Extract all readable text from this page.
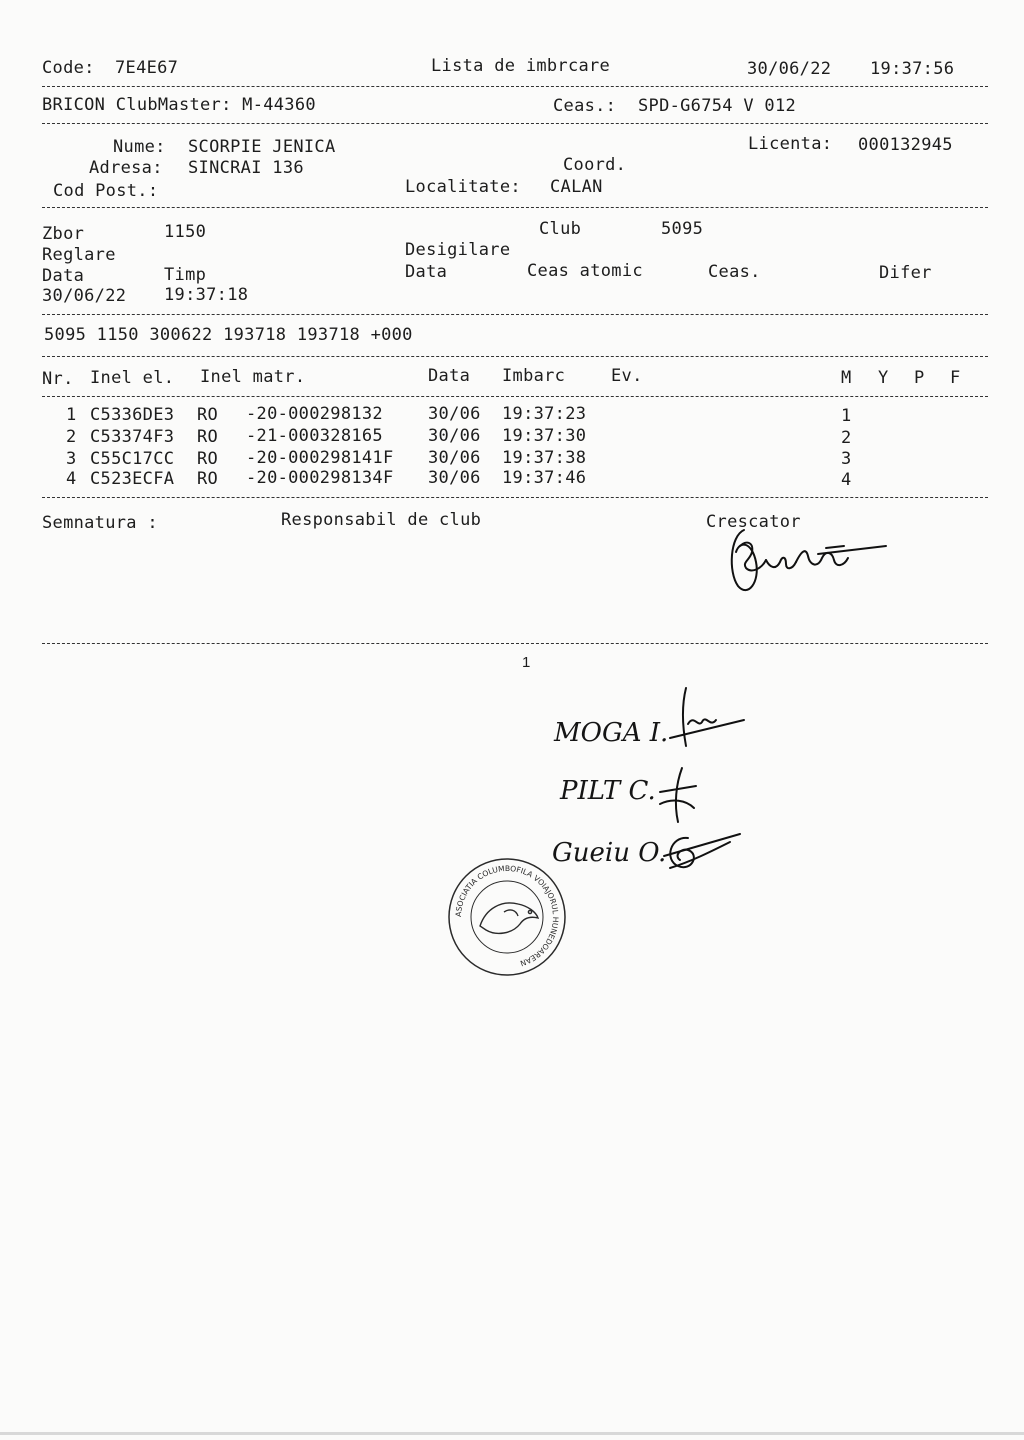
Code: 7E4E67	Lista de imbrcare	30/06/22 19:37:56
BRICON ClubMaster: M-44360	Ceas.: SPD-G6754 V 012
Nume: SCORPIE JENICA	Licenta: 000132945
Adresa: SINCRAI 136	Coord.
Cod Post.:	Localitate: CALAN
Zbor	1150	Club	5095
Reglare	Desigilare
Data	Timp	Data	Ceas atomic	Ceas.	Difer
30/06/22 19:37:18
5095 1150 300622 193718 193718 +000
Nr. Inel el. Inel matr.	Data Imbarc	Ev.	M Y P F
1 C5336DE3 RO -20-000298132	30/06 19:37:23	1
2 C53374F3 RO -21-000328165	30/06 19:37:30	2
3 C55C17CC RO -20-000298141F 30/06 19:37:38	3
4 C523ECFA RO -20-000298134F 30/06 19:37:46	4
Semnatura :	Responsabil de club	Crescator
1
MOGA I.
PILT C.
Gueiu O.
ASOCIATIA COLUMBOFILA VOIAJORUL HUNEDOAREAN
